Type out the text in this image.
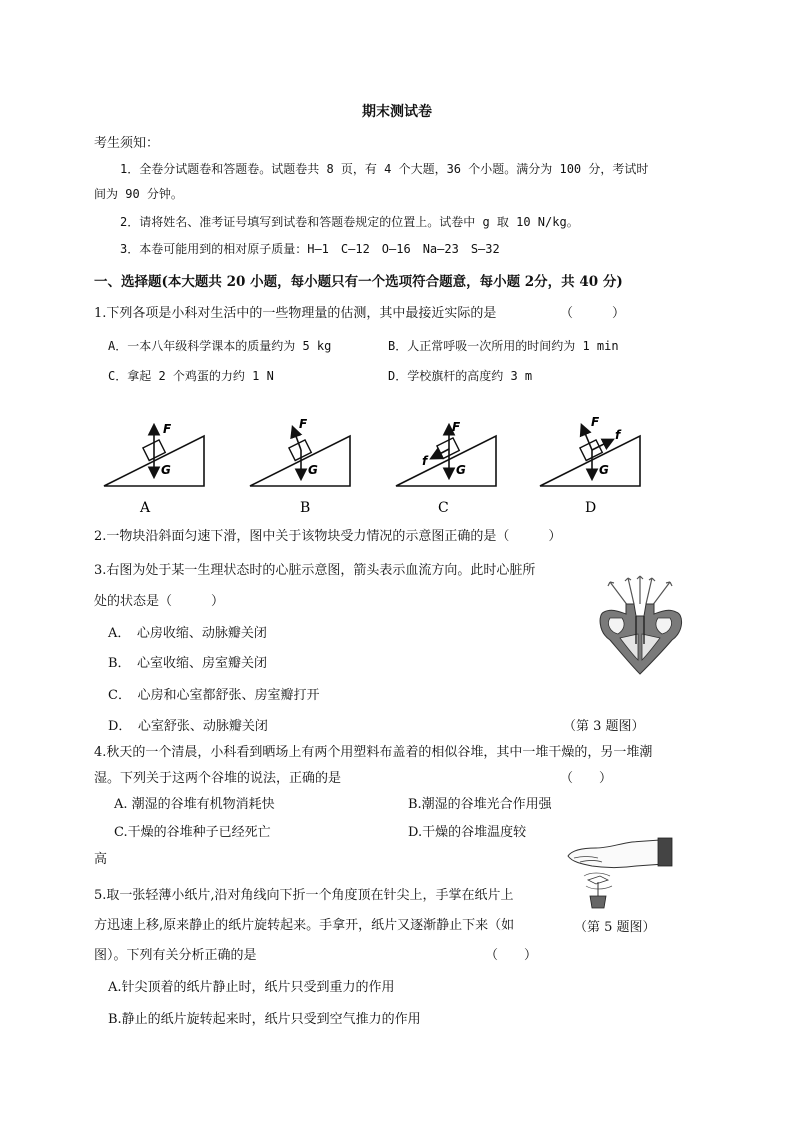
期末测试卷
考生须知：
1．全卷分试题卷和答题卷。试题卷共 8 页，有 4 个大题，36 个小题。满分为 100 分，考试时
间为 90 分钟。
2．请将姓名、准考证号填写到试卷和答题卷规定的位置上。试卷中 g 取 10 N/kg。
3．本卷可能用到的相对原子质量：H—1　C—12　O—16　Na—23　S—32
一、选择题(本大题共 20 小题，每小题只有一个选项符合题意，每小题 2分，共 40 分)
1.下列各项是小科对生活中的一些物理量的估测，其中最接近实际的是	（　　　）
A．一本八年级科学课本的质量约为 5 kg	B．人正常呼吸一次所用的时间约为 1 min
C．拿起 2 个鸡蛋的力约 1 N	D．学校旗杆的高度约 3 m
F
G
A
F
G
B
F
G
f
C
F
G
f
D
2.一物块沿斜面匀速下滑，图中关于该物块受力情况的示意图正确的是（　　　）
3.右图为处于某一生理状态时的心脏示意图，箭头表示血流方向。此时心脏所
处的状态是（　　　）
A．　心房收缩、动脉瓣关闭
B．　心室收缩、房室瓣关闭
C．　心房和心室都舒张、房室瓣打开
D．　心室舒张、动脉瓣关闭	（第 3 题图）
4.秋天的一个清晨，小科看到晒场上有两个用塑料布盖着的相似谷堆，其中一堆干燥的，另一堆潮
湿。下列关于这两个谷堆的说法，正确的是	（　　）
A. 潮湿的谷堆有机物消耗快	B.潮湿的谷堆光合作用强
C.干燥的谷堆种子已经死亡	D.干燥的谷堆温度较
高
（第 5 题图）
5.取一张轻薄小纸片,沿对角线向下折一个角度顶在针尖上，手掌在纸片上
方迅速上移,原来静止的纸片旋转起来。手拿开，纸片又逐渐静止下来（如
图）。下列有关分析正确的是	（　　）
A.针尖顶着的纸片静止时，纸片只受到重力的作用
B.静止的纸片旋转起来时，纸片只受到空气推力的作用
